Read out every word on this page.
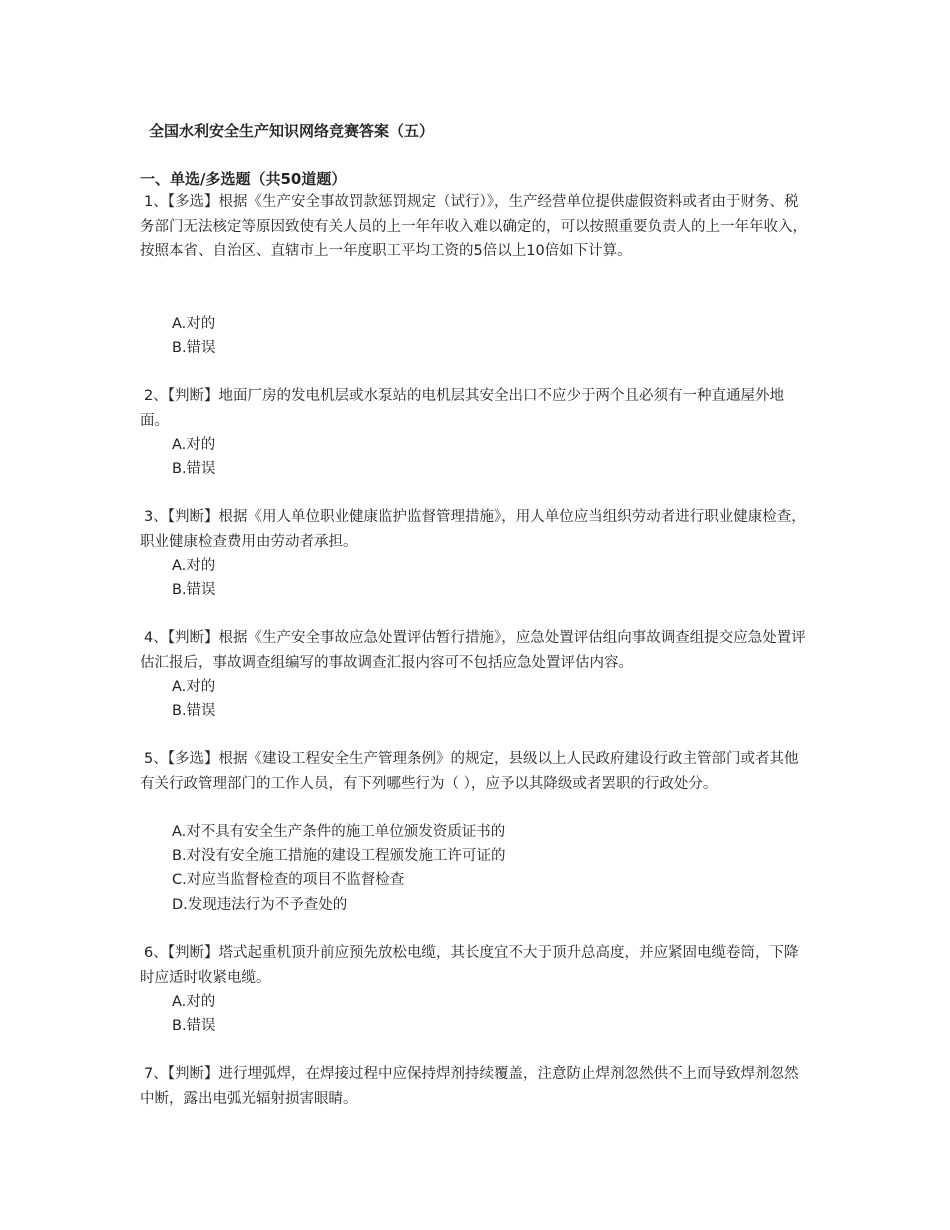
全国水利安全生产知识网络竞赛答案（五）
一、单选/多选题（共50道题）
1、【多选】根据《生产安全事故罚款惩罚规定（试行）》，生产经营单位提供虚假资料或者由于财务、税务部门无法核定等原因致使有关人员的上一年年收入难以确定的，可以按照重要负责人的上一年年收入，按照本省、自治区、直辖市上一年度职工平均工资的5倍以上10倍如下计算。
A.对的
B.错误
2、【判断】地面厂房的发电机层或水泵站的电机层其安全出口不应少于两个且必须有一种直通屋外地面。
A.对的
B.错误
3、【判断】根据《用人单位职业健康监护监督管理措施》，用人单位应当组织劳动者进行职业健康检查，职业健康检查费用由劳动者承担。
A.对的
B.错误
4、【判断】根据《生产安全事故应急处置评估暂行措施》，应急处置评估组向事故调查组提交应急处置评估汇报后，事故调查组编写的事故调查汇报内容可不包括应急处置评估内容。
A.对的
B.错误
5、【多选】根据《建设工程安全生产管理条例》的规定，县级以上人民政府建设行政主管部门或者其他有关行政管理部门的工作人员，有下列哪些行为（ ），应予以其降级或者罢职的行政处分。
A.对不具有安全生产条件的施工单位颁发资质证书的
B.对没有安全施工措施的建设工程颁发施工许可证的
C.对应当监督检查的项目不监督检查
D.发现违法行为不予查处的
6、【判断】塔式起重机顶升前应预先放松电缆，其长度宜不大于顶升总高度，并应紧固电缆卷筒，下降时应适时收紧电缆。
A.对的
B.错误
7、【判断】进行埋弧焊，在焊接过程中应保持焊剂持续覆盖，注意防止焊剂忽然供不上而导致焊剂忽然中断，露出电弧光辐射损害眼睛。
